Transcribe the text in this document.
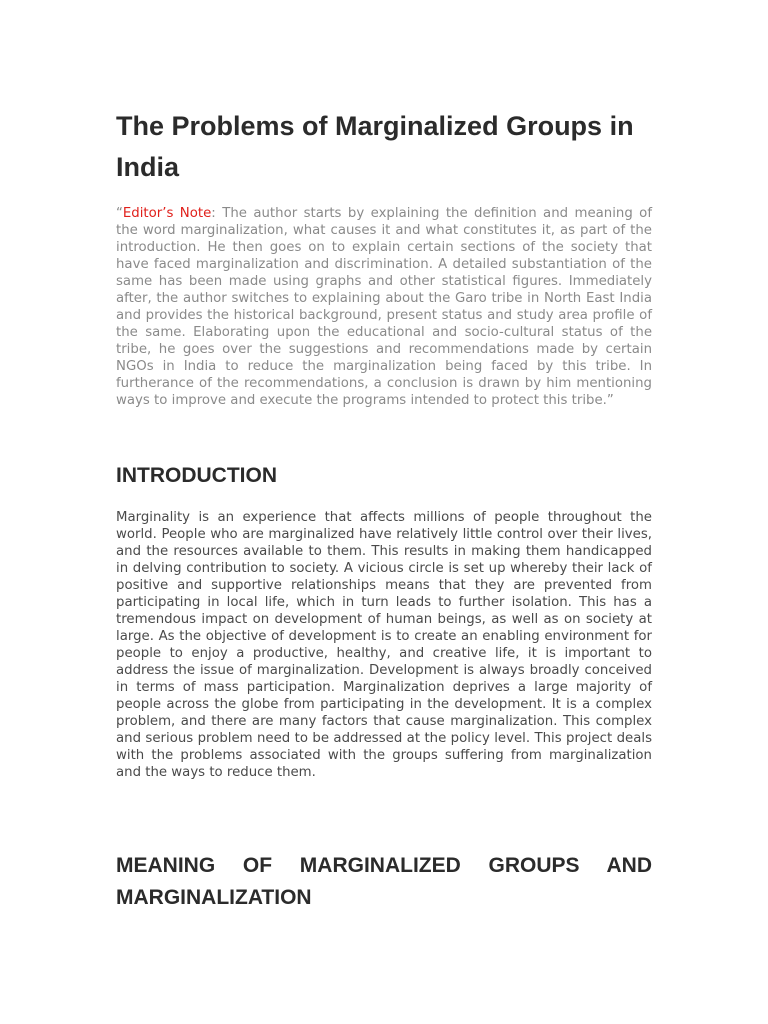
The Problems of Marginalized Groups in India

“Editor’s Note: The author starts by explaining the definition and meaning of the word marginalization, what causes it and what constitutes it, as part of the introduction. He then goes on to explain certain sections of the society that have faced marginalization and discrimination. A detailed substantiation of the same has been made using graphs and other statistical figures. Immediately after, the author switches to explaining about the Garo tribe in North East India and provides the historical background, present status and study area profile of the same. Elaborating upon the educational and socio-cultural status of the tribe, he goes over the suggestions and recommendations made by certain NGOs in India to reduce the marginalization being faced by this tribe. In furtherance of the recommendations, a conclusion is drawn by him mentioning ways to improve and execute the programs intended to protect this tribe.”

INTRODUCTION

Marginality is an experience that affects millions of people throughout the world. People who are marginalized have relatively little control over their lives, and the resources available to them. This results in making them handicapped in delving contribution to society. A vicious circle is set up whereby their lack of positive and supportive relationships means that they are prevented from participating in local life, which in turn leads to further isolation. This has a tremendous impact on development of human beings, as well as on society at large. As the objective of development is to create an enabling environment for people to enjoy a productive, healthy, and creative life, it is important to address the issue of marginalization. Development is always broadly conceived in terms of mass participation. Marginalization deprives a large majority of people across the globe from participating in the development. It is a complex problem, and there are many factors that cause marginalization. This complex and serious problem need to be addressed at the policy level. This project deals with the problems associated with the groups suffering from marginalization and the ways to reduce them.

MEANING OF MARGINALIZED GROUPS AND MARGINALIZATION
